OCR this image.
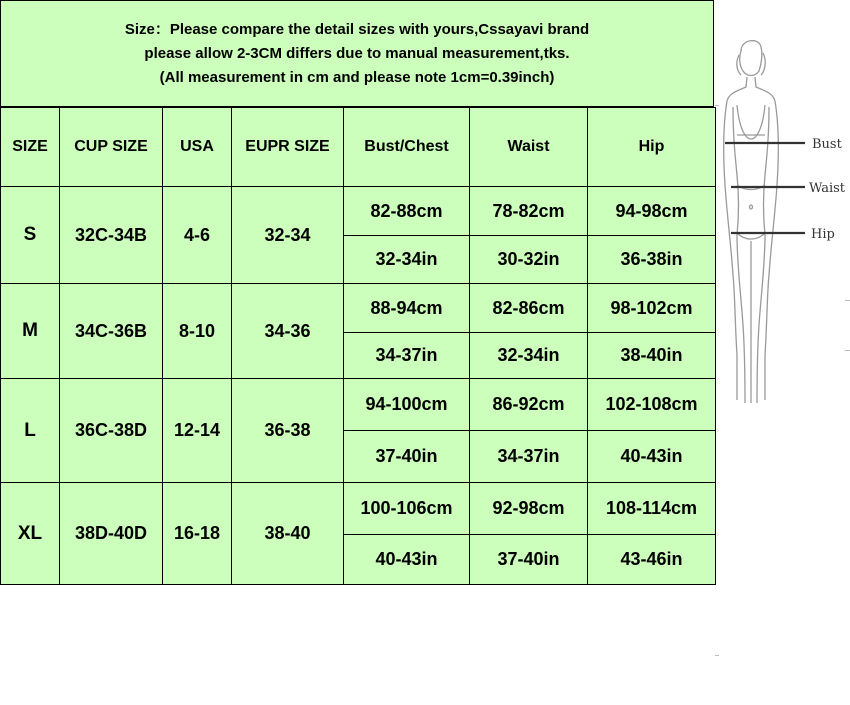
Size：Please compare the detail sizes with yours,Cssayavi brand
please allow 2-3CM differs due to manual measurement,tks.
(All measurement in cm and please note 1cm=0.39inch)
SIZE	CUP SIZE	USA	EUPR SIZE	Bust/Chest	Waist	Hip
S	32C-34B	4-6	32-34	82-88cm	78-82cm	94-98cm
				32-34in	30-32in	36-38in
M	34C-36B	8-10	34-36	88-94cm	82-86cm	98-102cm
				34-37in	32-34in	38-40in
L	36C-38D	12-14	36-38	94-100cm	86-92cm	102-108cm
				37-40in	34-37in	40-43in
XL	38D-40D	16-18	38-40	100-106cm	92-98cm	108-114cm
				40-43in	37-40in	43-46in
Bust
Waist
Hip
